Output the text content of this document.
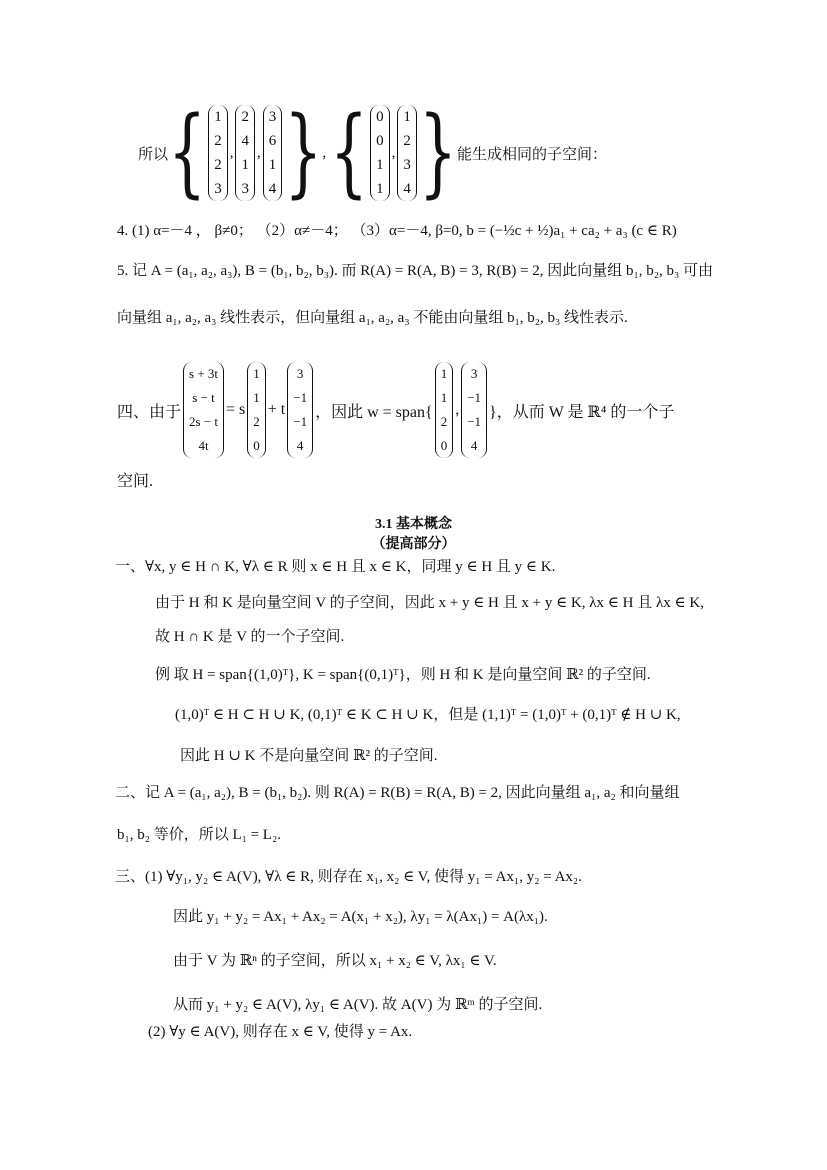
所以 { 1
2
2
3
,
2
4
1
3
,
3
6
1
4 } , { 0
0
1
1
,
1
2
3
4 } 能生成相同的子空间：
4. (1) α=－4 ， β≠0； （2）α≠－4； （3）α=－4, β=0, b = (−½c + ½)a₁ + ca₂ + a₃ (c ∈ R)
5. 记 A = (a₁, a₂, a₃), B = (b₁, b₂, b₃). 而 R(A) = R(A, B) = 3, R(B) = 2, 因此向量组 b₁, b₂, b₃ 可由
向量组 a₁, a₂, a₃ 线性表示，但向量组 a₁, a₂, a₃ 不能由向量组 b₁, b₂, b₃ 线性表示.
四、由于
s + 3t
s − t
2s − t
4t
= s
1
1
2
0
+ t
3
−1
−1
4
，因此 w = span{
1
1
2
0
,
3
−1
−1
4
}，从而 W 是 ℝ⁴ 的一个子
空间.
3.1 基本概念
（提高部分）
一、∀x, y ∈ H ∩ K, ∀λ ∈ R 则 x ∈ H 且 x ∈ K，同理 y ∈ H 且 y ∈ K.
由于 H 和 K 是向量空间 V 的子空间，因此 x + y ∈ H 且 x + y ∈ K, λx ∈ H 且 λx ∈ K,
故 H ∩ K 是 V 的一个子空间.
例 取 H = span{(1,0)ᵀ}, K = span{(0,1)ᵀ}，则 H 和 K 是向量空间 ℝ² 的子空间.
(1,0)ᵀ ∈ H ⊂ H ∪ K, (0,1)ᵀ ∈ K ⊂ H ∪ K，但是 (1,1)ᵀ = (1,0)ᵀ + (0,1)ᵀ ∉ H ∪ K,
因此 H ∪ K 不是向量空间 ℝ² 的子空间.
二、记 A = (a₁, a₂), B = (b₁, b₂). 则 R(A) = R(B) = R(A, B) = 2, 因此向量组 a₁, a₂ 和向量组
b₁, b₂ 等价，所以 L₁ = L₂.
三、(1) ∀y₁, y₂ ∈ A(V), ∀λ ∈ R, 则存在 x₁, x₂ ∈ V, 使得 y₁ = Ax₁, y₂ = Ax₂.
因此 y₁ + y₂ = Ax₁ + Ax₂ = A(x₁ + x₂), λy₁ = λ(Ax₁) = A(λx₁).
由于 V 为 ℝⁿ 的子空间，所以 x₁ + x₂ ∈ V, λx₁ ∈ V.
从而 y₁ + y₂ ∈ A(V), λy₁ ∈ A(V). 故 A(V) 为 ℝᵐ 的子空间.
(2) ∀y ∈ A(V), 则存在 x ∈ V, 使得 y = Ax.
